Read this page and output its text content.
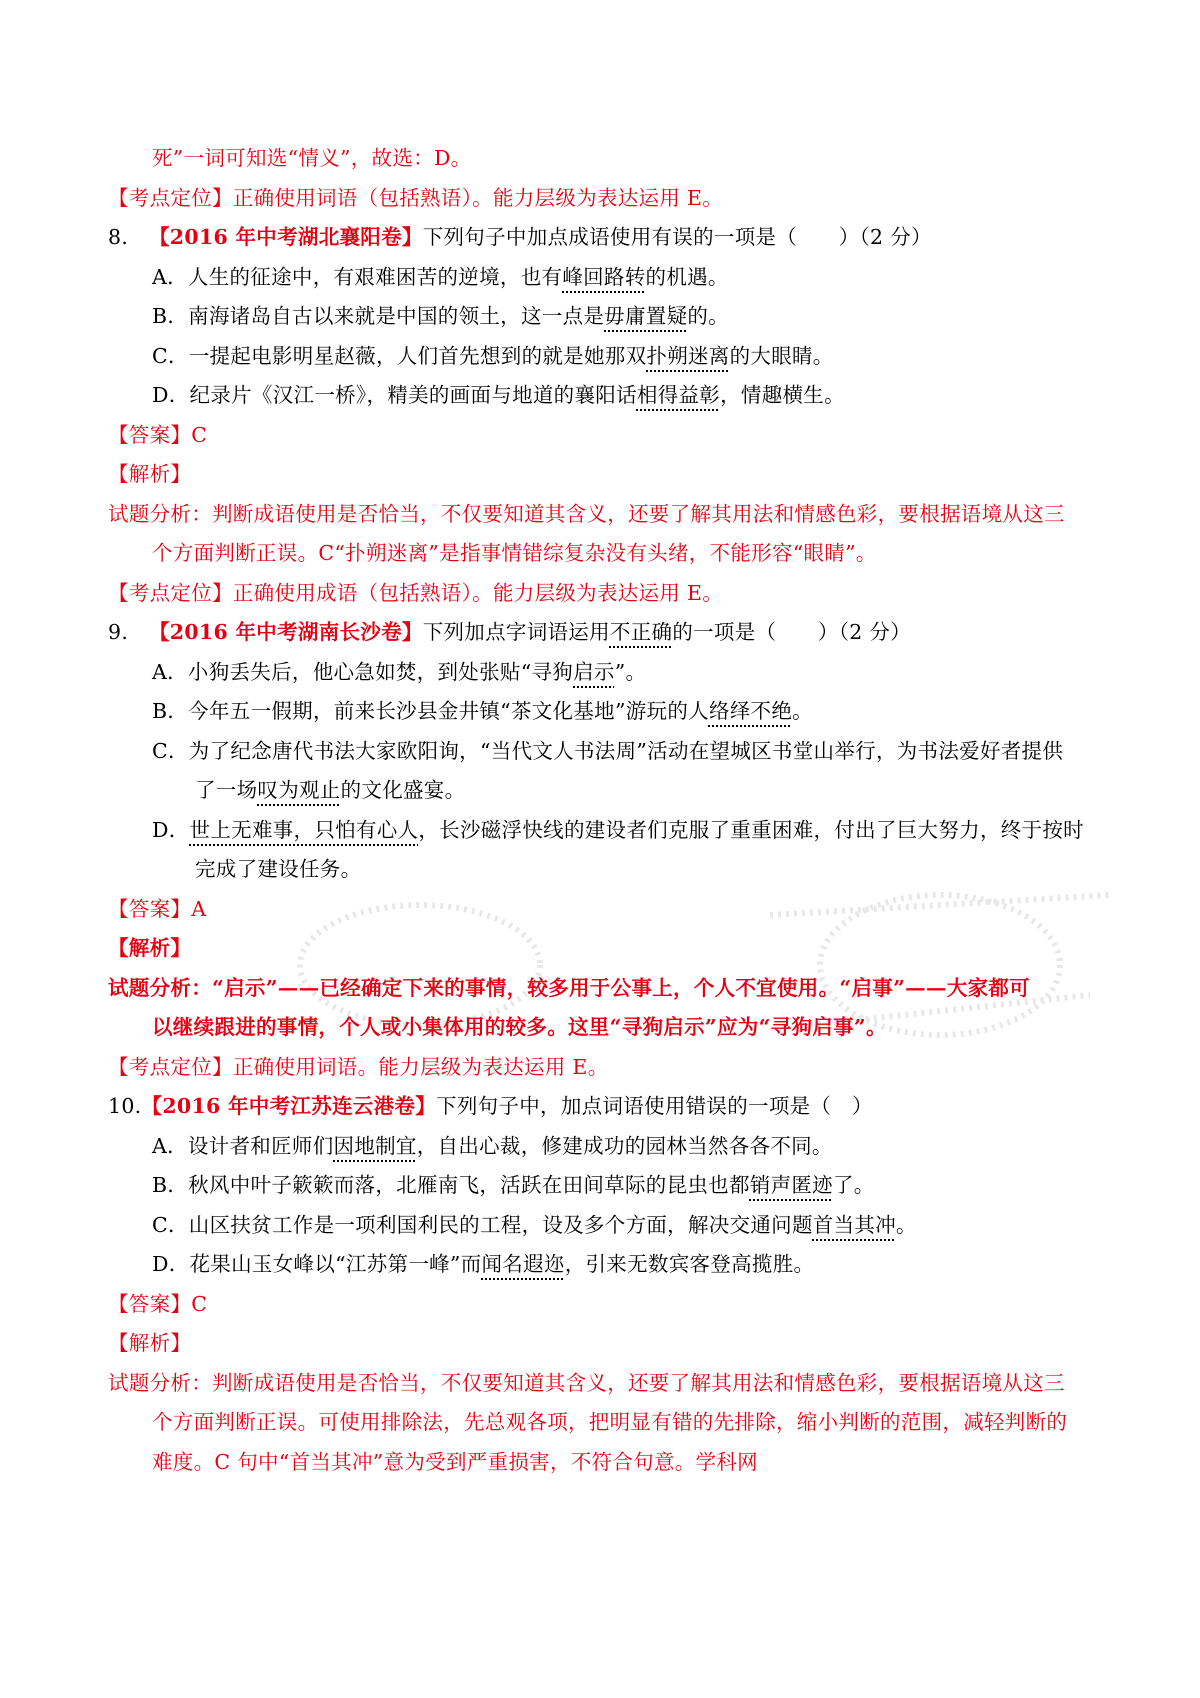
死”一词可知选“情义”，故选：D。
【考点定位】正确使用词语（包括熟语）。能力层级为表达运用 E。
8. 【2016 年中考湖北襄阳卷】下列句子中加点成语使用有误的一项是（　　）（2 分）
A．人生的征途中，有艰难困苦的逆境，也有峰回路转的机遇。
B．南海诸岛自古以来就是中国的领土，这一点是毋庸置疑的。
C．一提起电影明星赵薇，人们首先想到的就是她那双扑朔迷离的大眼睛。
D．纪录片《汉江一桥》，精美的画面与地道的襄阳话相得益彰，情趣横生。
【答案】C
【解析】
试题分析：判断成语使用是否恰当，不仅要知道其含义，还要了解其用法和情感色彩，要根据语境从这三
个方面判断正误。C“扑朔迷离”是指事情错综复杂没有头绪，不能形容“眼睛”。
【考点定位】正确使用成语（包括熟语）。能力层级为表达运用 E。
9. 【2016 年中考湖南长沙卷】下列加点字词语运用不正确的一项是（　　）（2 分）
A．小狗丢失后，他心急如焚，到处张贴“寻狗启示”。
B．今年五一假期，前来长沙县金井镇“茶文化基地”游玩的人络绎不绝。
C．为了纪念唐代书法大家欧阳询，“当代文人书法周”活动在望城区书堂山举行，为书法爱好者提供
了一场叹为观止的文化盛宴。
D．世上无难事，只怕有心人，长沙磁浮快线的建设者们克服了重重困难，付出了巨大努力，终于按时
完成了建设任务。
【答案】A
【解析】
试题分析：“启示”——已经确定下来的事情，较多用于公事上，个人不宜使用。“启事”——大家都可
以继续跟进的事情，个人或小集体用的较多。这里“寻狗启示”应为“寻狗启事”。
【考点定位】正确使用词语。能力层级为表达运用 E。
10.【2016 年中考江苏连云港卷】下列句子中，加点词语使用错误的一项是（　）
A．设计者和匠师们因地制宜，自出心裁，修建成功的园林当然各各不同。
B．秋风中叶子簌簌而落，北雁南飞，活跃在田间草际的昆虫也都销声匿迹了。
C．山区扶贫工作是一项利国利民的工程，设及多个方面，解决交通问题首当其冲。
D．花果山玉女峰以“江苏第一峰”而闻名遐迩，引来无数宾客登高揽胜。
【答案】C
【解析】
试题分析：判断成语使用是否恰当，不仅要知道其含义，还要了解其用法和情感色彩，要根据语境从这三
个方面判断正误。可使用排除法，先总观各项，把明显有错的先排除，缩小判断的范围，减轻判断的
难度。C 句中“首当其冲”意为受到严重损害，不符合句意。学科网
